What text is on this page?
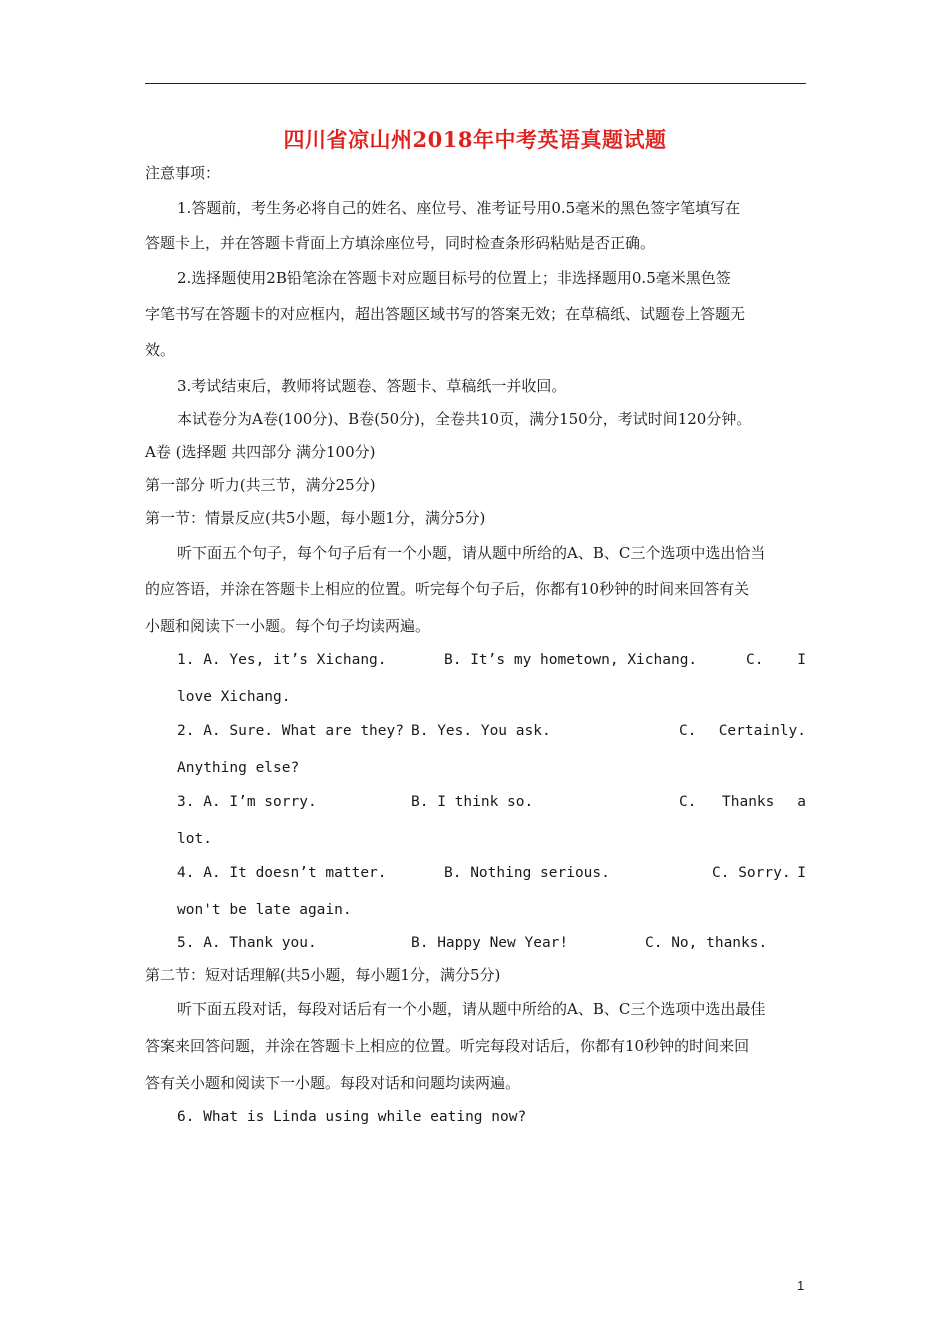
四川省凉山州2018年中考英语真题试题
注意事项：
1.答题前，考生务必将自己的姓名、座位号、准考证号用0.5毫米的黑色签字笔填写在
答题卡上，并在答题卡背面上方填涂座位号，同时检查条形码粘贴是否正确。
2.选择题使用2B铅笔涂在答题卡对应题目标号的位置上；非选择题用0.5毫米黑色签
字笔书写在答题卡的对应框内，超出答题区域书写的答案无效；在草稿纸、试题卷上答题无
效。
3.考试结束后，教师将试题卷、答题卡、草稿纸一并收回。
本试卷分为A卷(100分)、B卷(50分)，全卷共10页，满分150分，考试时间120分钟。
A卷 (选择题 共四部分 满分100分)
第一部分 听力(共三节，满分25分)
第一节：情景反应(共5小题，每小题1分，满分5分)
听下面五个句子，每个句子后有一个小题，请从题中所给的A、B、C三个选项中选出恰当
的应答语，并涂在答题卡上相应的位置。听完每个句子后，你都有10秒钟的时间来回答有关
小题和阅读下一小题。每个句子均读两遍。
1. A. Yes, it’s Xichang.	B. It’s my hometown, Xichang.	C. I
love Xichang.
2. A. Sure. What are they? B. Yes. You ask.	C. Certainly.
Anything else?
3. A. I’m sorry.	B. I think so.	C. Thanks a
lot.
4. A. It doesn’t matter.	B. Nothing serious.	C. Sorry. I
won't be late again.
5. A. Thank you.	B. Happy New Year!	C. No, thanks.
第二节：短对话理解(共5小题，每小题1分，满分5分)
听下面五段对话，每段对话后有一个小题，请从题中所给的A、B、C三个选项中选出最佳
答案来回答问题，并涂在答题卡上相应的位置。听完每段对话后，你都有10秒钟的时间来回
答有关小题和阅读下一小题。每段对话和问题均读两遍。
6. What is Linda using while eating now?
1
